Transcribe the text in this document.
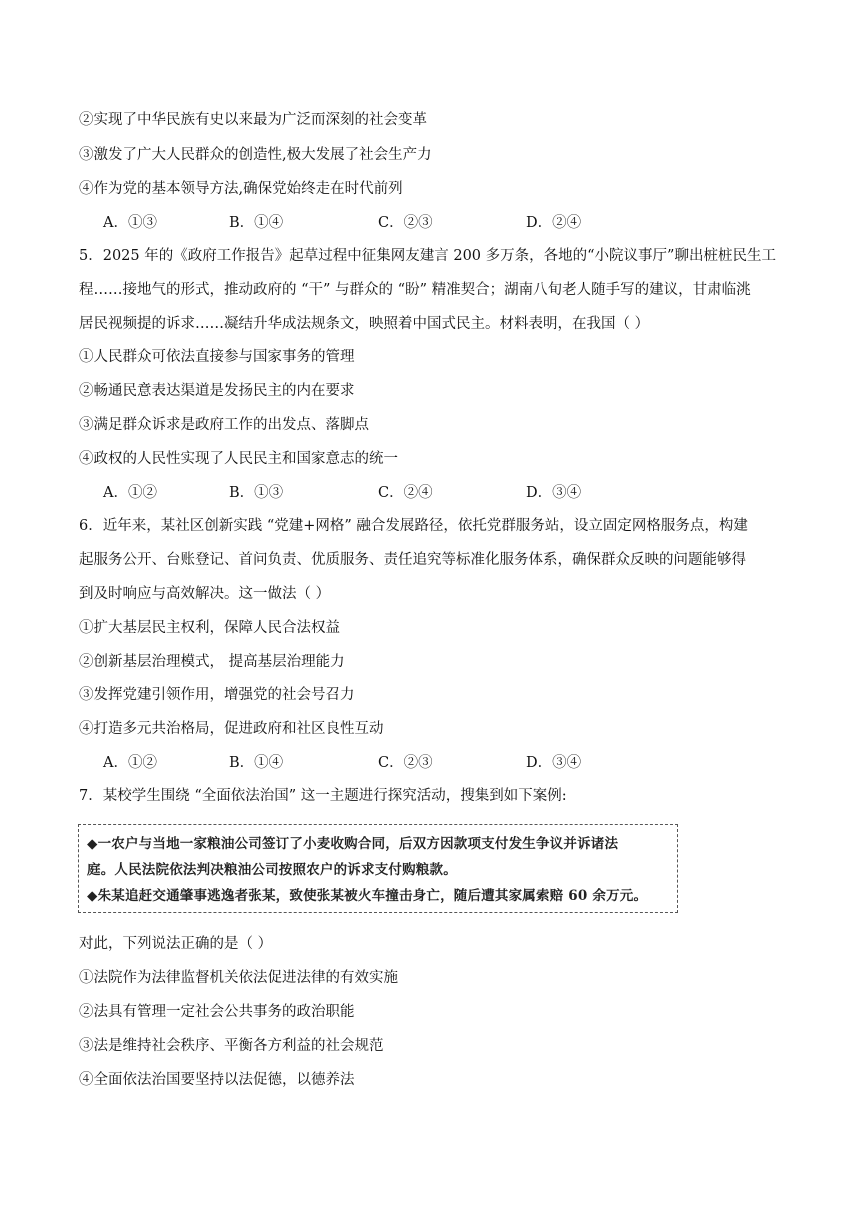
②实现了中华民族有史以来最为广泛而深刻的社会变革
③激发了广大人民群众的创造性,极大发展了社会生产力
④作为党的基本领导方法,确保党始终走在时代前列
A．①③	B．①④	C．②③	D．②④
5．2025 年的《政府工作报告》起草过程中征集网友建言 200 多万条，各地的“小院议事厅”聊出桩桩民生工
程……接地气的形式，推动政府的 “干” 与群众的 “盼” 精准契合；湖南八旬老人随手写的建议，甘肃临洮
居民视频提的诉求……凝结升华成法规条文，映照着中国式民主。材料表明，在我国（ ）
①人民群众可依法直接参与国家事务的管理
②畅通民意表达渠道是发扬民主的内在要求
③满足群众诉求是政府工作的出发点、落脚点
④政权的人民性实现了人民民主和国家意志的统一
A．①②	B．①③	C．②④	D．③④
6．近年来，某社区创新实践 “党建+网格” 融合发展路径，依托党群服务站，设立固定网格服务点，构建
起服务公开、台账登记、首问负责、优质服务、责任追究等标准化服务体系，确保群众反映的问题能够得
到及时响应与高效解决。这一做法（ ）
①扩大基层民主权利，保障人民合法权益
②创新基层治理模式， 提高基层治理能力
③发挥党建引领作用，增强党的社会号召力
④打造多元共治格局，促进政府和社区良性互动
A．①②	B．①④	C．②③	D．③④
7．某校学生围绕 “全面依法治国” 这一主题进行探究活动，搜集到如下案例:
◆一农户与当地一家粮油公司签订了小麦收购合同，后双方因款项支付发生争议并诉诸法
庭。人民法院依法判决粮油公司按照农户的诉求支付购粮款。
◆朱某追赶交通肇事逃逸者张某，致使张某被火车撞击身亡，随后遭其家属索赔 60 余万元。
对此，下列说法正确的是（ ）
①法院作为法律监督机关依法促进法律的有效实施
②法具有管理一定社会公共事务的政治职能
③法是维持社会秩序、平衡各方利益的社会规范
④全面依法治国要坚持以法促德，以德养法
